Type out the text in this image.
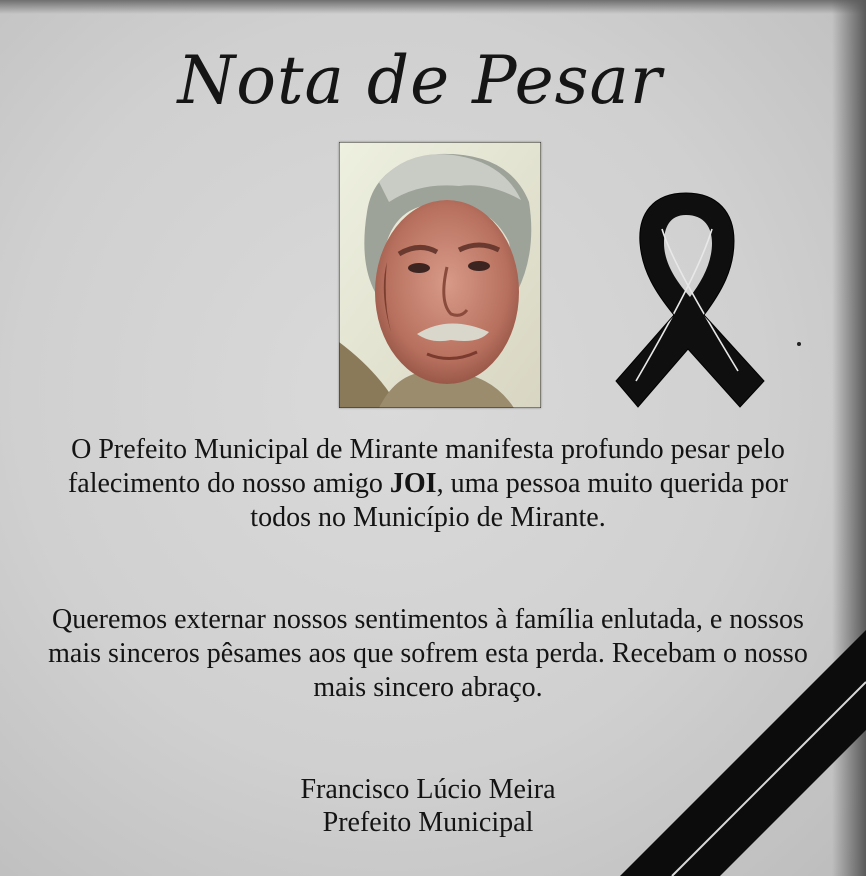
Nota de Pesar

O Prefeito Municipal de Mirante manifesta profundo pesar pelo falecimento do nosso amigo JOI, uma pessoa muito querida por todos no Município de Mirante.

Queremos externar nossos sentimentos à família enlutada, e nossos mais sinceros pêsames aos que sofrem esta perda. Recebam o nosso mais sincero abraço.

Francisco Lúcio Meira
Prefeito Municipal
